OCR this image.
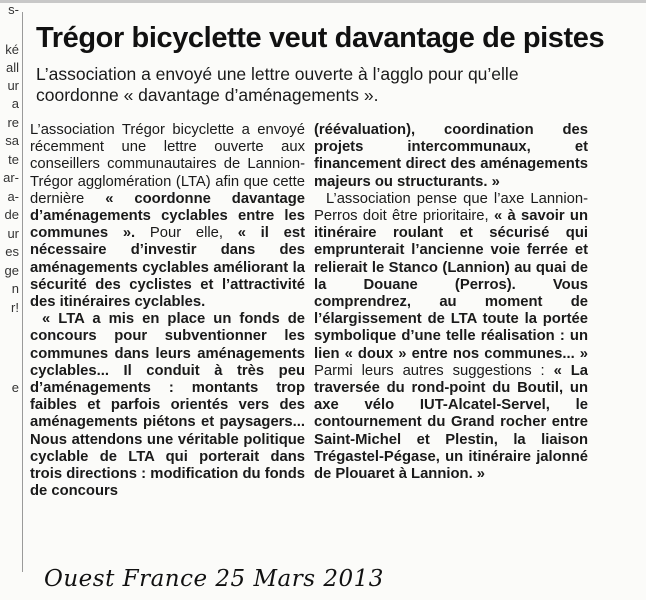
s-
ké
all
ur
a
re
sa
te
ar-
a-
de
ur
es
ge
n
r!
e
Trégor bicyclette veut davantage de pistes
L’association a envoyé une lettre ouverte à l’agglo pour qu’elle coordonne « davantage d’aménagements ».

L’association Trégor bicyclette a envoyé récemment une lettre ouverte aux conseillers communautaires de Lannion-Trégor agglomération (LTA) afin que cette dernière « coordonne davantage d’aménagements cyclables entre les communes ». Pour elle, « il est nécessaire d’investir dans des aménagements cyclables améliorant la sécurité des cyclistes et l’attractivité des itinéraires cyclables.

« LTA a mis en place un fonds de concours pour subventionner les communes dans leurs aménagements cyclables... Il conduit à très peu d’aménagements : montants trop faibles et parfois orientés vers des aménagements piétons et paysagers... Nous attendons une véritable politique cyclable de LTA qui porterait dans trois directions : modification du fonds de concours

(réévaluation), coordination des projets intercommunaux, et financement direct des aménagements majeurs ou structurants. »

L’association pense que l’axe Lannion-Perros doit être prioritaire, « à savoir un itinéraire roulant et sécurisé qui emprunterait l’ancienne voie ferrée et relierait le Stanco (Lannion) au quai de la Douane (Perros). Vous comprendrez, au moment de l’élargissement de LTA toute la portée symbolique d’une telle réalisation : un lien « doux » entre nos communes... » Parmi leurs autres suggestions : « La traversée du rond-point du Boutil, un axe vélo IUT-Alcatel-Servel, le contournement du Grand rocher entre Saint-Michel et Plestin, la liaison Trégastel-Pégase, un itinéraire jalonné de Plouaret à Lannion. »

Ouest France 25 Mars 2013
